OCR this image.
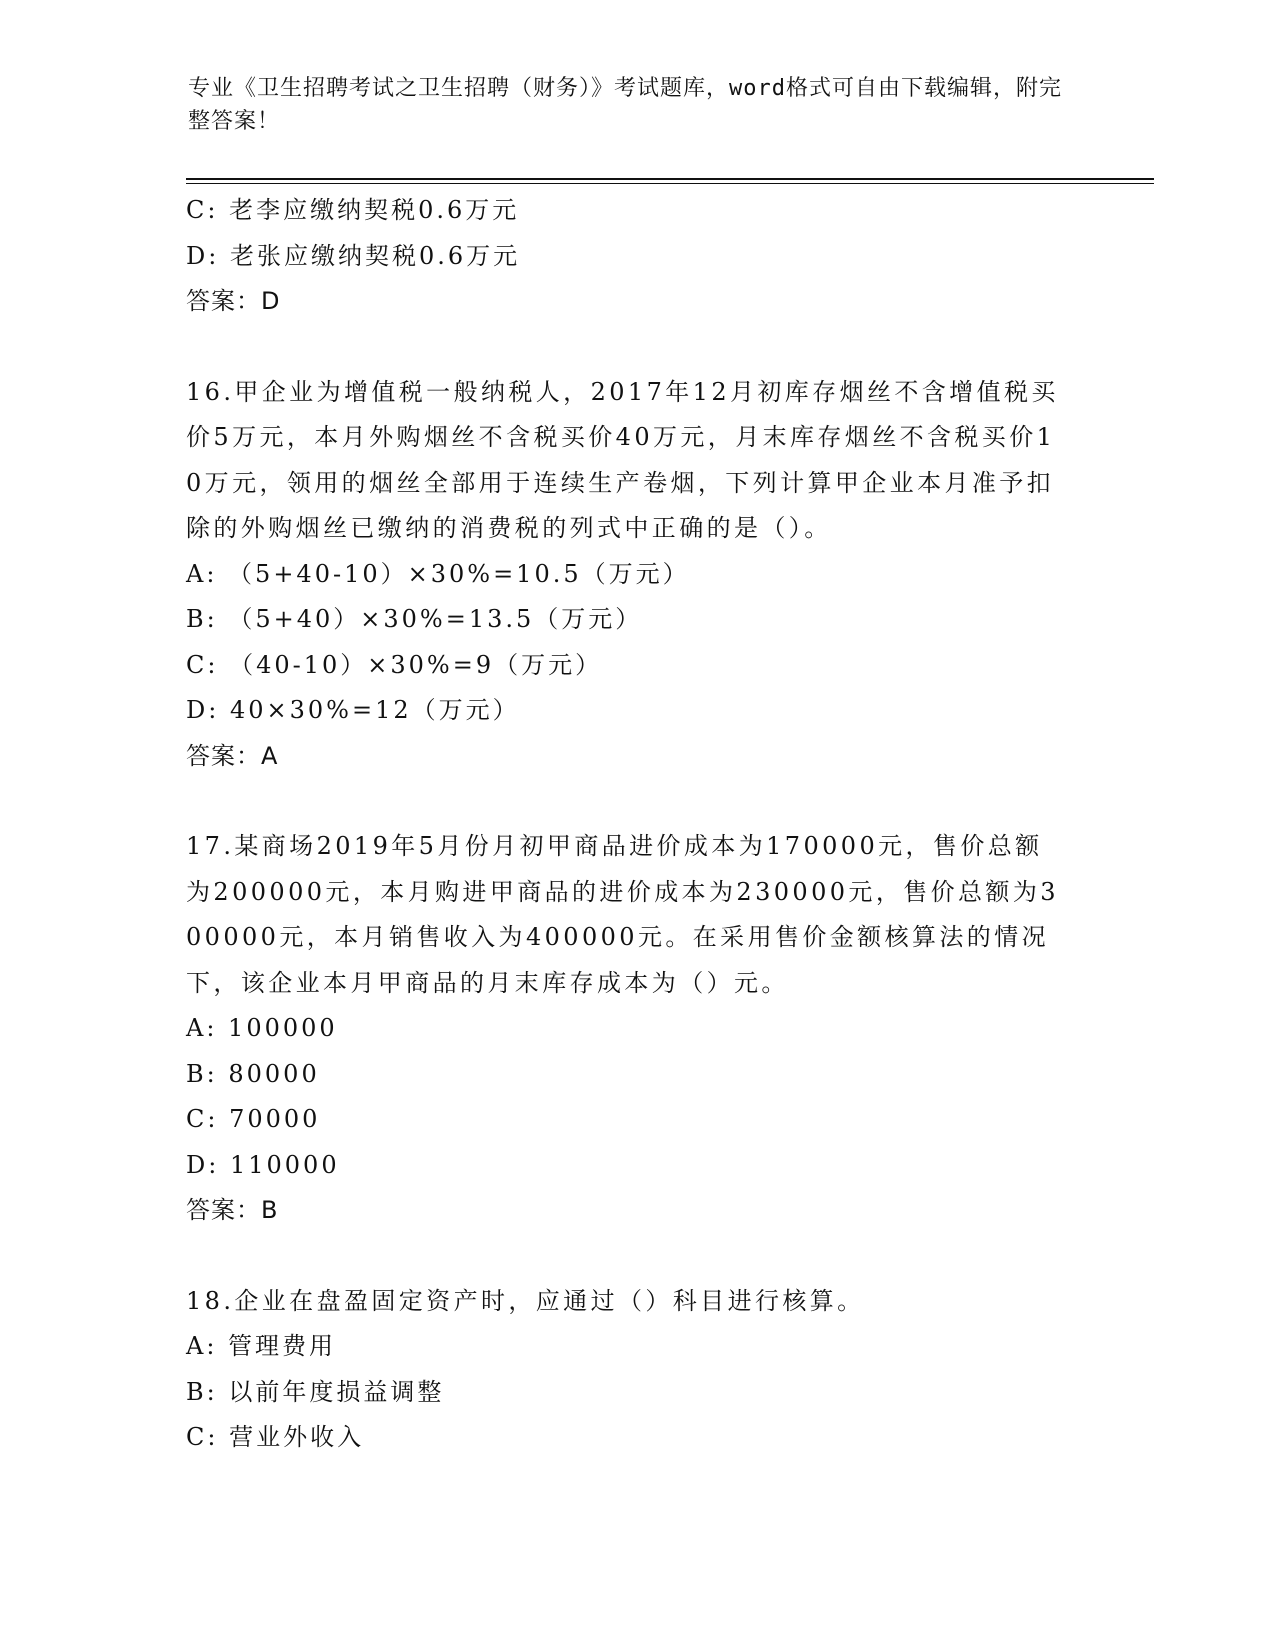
专业《卫生招聘考试之卫生招聘（财务）》考试题库，word格式可自由下载编辑，附完整答案！
C: 老李应缴纳契税0.6万元
D: 老张应缴纳契税0.6万元
答案：D
16.甲企业为增值税一般纳税人，2017年12月初库存烟丝不含增值税买价5万元，本月外购烟丝不含税买价40万元，月末库存烟丝不含税买价10万元，领用的烟丝全部用于连续生产卷烟，下列计算甲企业本月准予扣除的外购烟丝已缴纳的消费税的列式中正确的是（）。
A: （5+40-10）×30%=10.5（万元）
B: （5+40）×30%=13.5（万元）
C: （40-10）×30%=9（万元）
D: 40×30%=12（万元）
答案：A
17.某商场2019年5月份月初甲商品进价成本为170000元，售价总额为200000元，本月购进甲商品的进价成本为230000元，售价总额为300000元，本月销售收入为400000元。在采用售价金额核算法的情况下，该企业本月甲商品的月末库存成本为（）元。
A: 100000
B: 80000
C: 70000
D: 110000
答案：B
18.企业在盘盈固定资产时，应通过（）科目进行核算。
A: 管理费用
B: 以前年度损益调整
C: 营业外收入
